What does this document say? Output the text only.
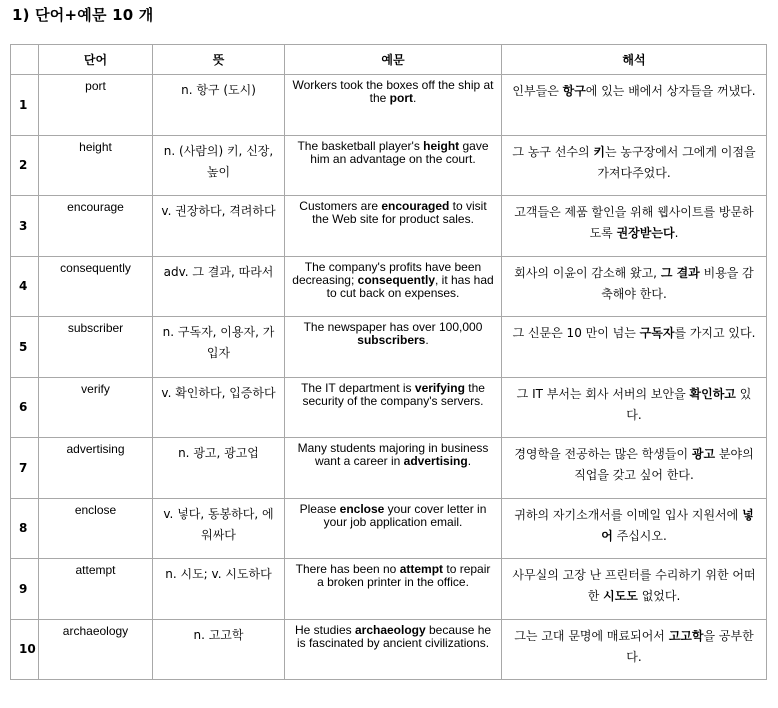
1) 단어+예문 10 개
	단어	뜻	예문	해석
1	port	n. 항구 (도시)	Workers took the boxes off the ship at the port.	인부들은 항구에 있는 배에서 상자들을 꺼냈다.
2	height	n. (사람의) 키, 신장, 높이	The basketball player's height gave him an advantage on the court.	그 농구 선수의 키는 농구장에서 그에게 이점을 가져다주었다.
3	encourage	v. 권장하다, 격려하다	Customers are encouraged to visit the Web site for product sales.	고객들은 제품 할인을 위해 웹사이트를 방문하도록 권장받는다.
4	consequently	adv. 그 결과, 따라서	The company's profits have been decreasing; consequently, it has had to cut back on expenses.	회사의 이윤이 감소해 왔고, 그 결과 비용을 감축해야 한다.
5	subscriber	n. 구독자, 이용자, 가입자	The newspaper has over 100,000 subscribers.	그 신문은 10 만이 넘는 구독자를 가지고 있다.
6	verify	v. 확인하다, 입증하다	The IT department is verifying the security of the company's servers.	그 IT 부서는 회사 서버의 보안을 확인하고 있다.
7	advertising	n. 광고, 광고업	Many students majoring in business want a career in advertising.	경영학을 전공하는 많은 학생들이 광고 분야의 직업을 갖고 싶어 한다.
8	enclose	v. 넣다, 동봉하다, 에워싸다	Please enclose your cover letter in your job application email.	귀하의 자기소개서를 이메일 입사 지원서에 넣어 주십시오.
9	attempt	n. 시도; v. 시도하다	There has been no attempt to repair a broken printer in the office.	사무실의 고장 난 프린터를 수리하기 위한 어떠한 시도도 없었다.
10	archaeology	n. 고고학	He studies archaeology because he is fascinated by ancient civilizations.	그는 고대 문명에 매료되어서 고고학을 공부한다.
